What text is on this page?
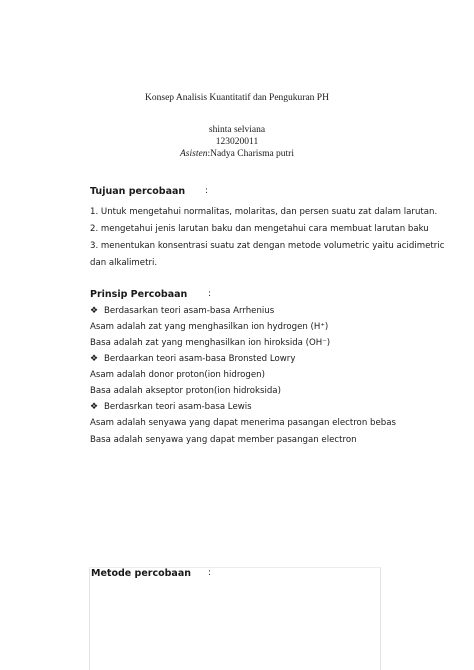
Konsep Analisis Kuantitatif dan Pengukuran PH
shinta selviana
123020011
Asisten:Nadya Charisma putri
Tujuan percobaan :
1. Untuk mengetahui normalitas, molaritas, dan persen suatu zat dalam larutan.
2. mengetahui jenis larutan baku dan mengetahui cara membuat larutan baku
3. menentukan konsentrasi suatu zat dengan metode volumetric yaitu acidimetric
dan alkalimetri.
Prinsip Percobaan :
❖ Berdasarkan teori asam-basa Arrhenius
Asam adalah zat yang menghasilkan ion hydrogen (H⁺)
Basa adalah zat yang menghasilkan ion hiroksida (OH⁻)
❖ Berdaarkan teori asam-basa Bronsted Lowry
Asam adalah donor proton(ion hidrogen)
Basa adalah akseptor proton(ion hidroksida)
❖ Berdasrkan teori asam-basa Lewis
Asam adalah senyawa yang dapat menerima pasangan electron bebas
Basa adalah senyawa yang dapat member pasangan electron
Metode percobaan :
